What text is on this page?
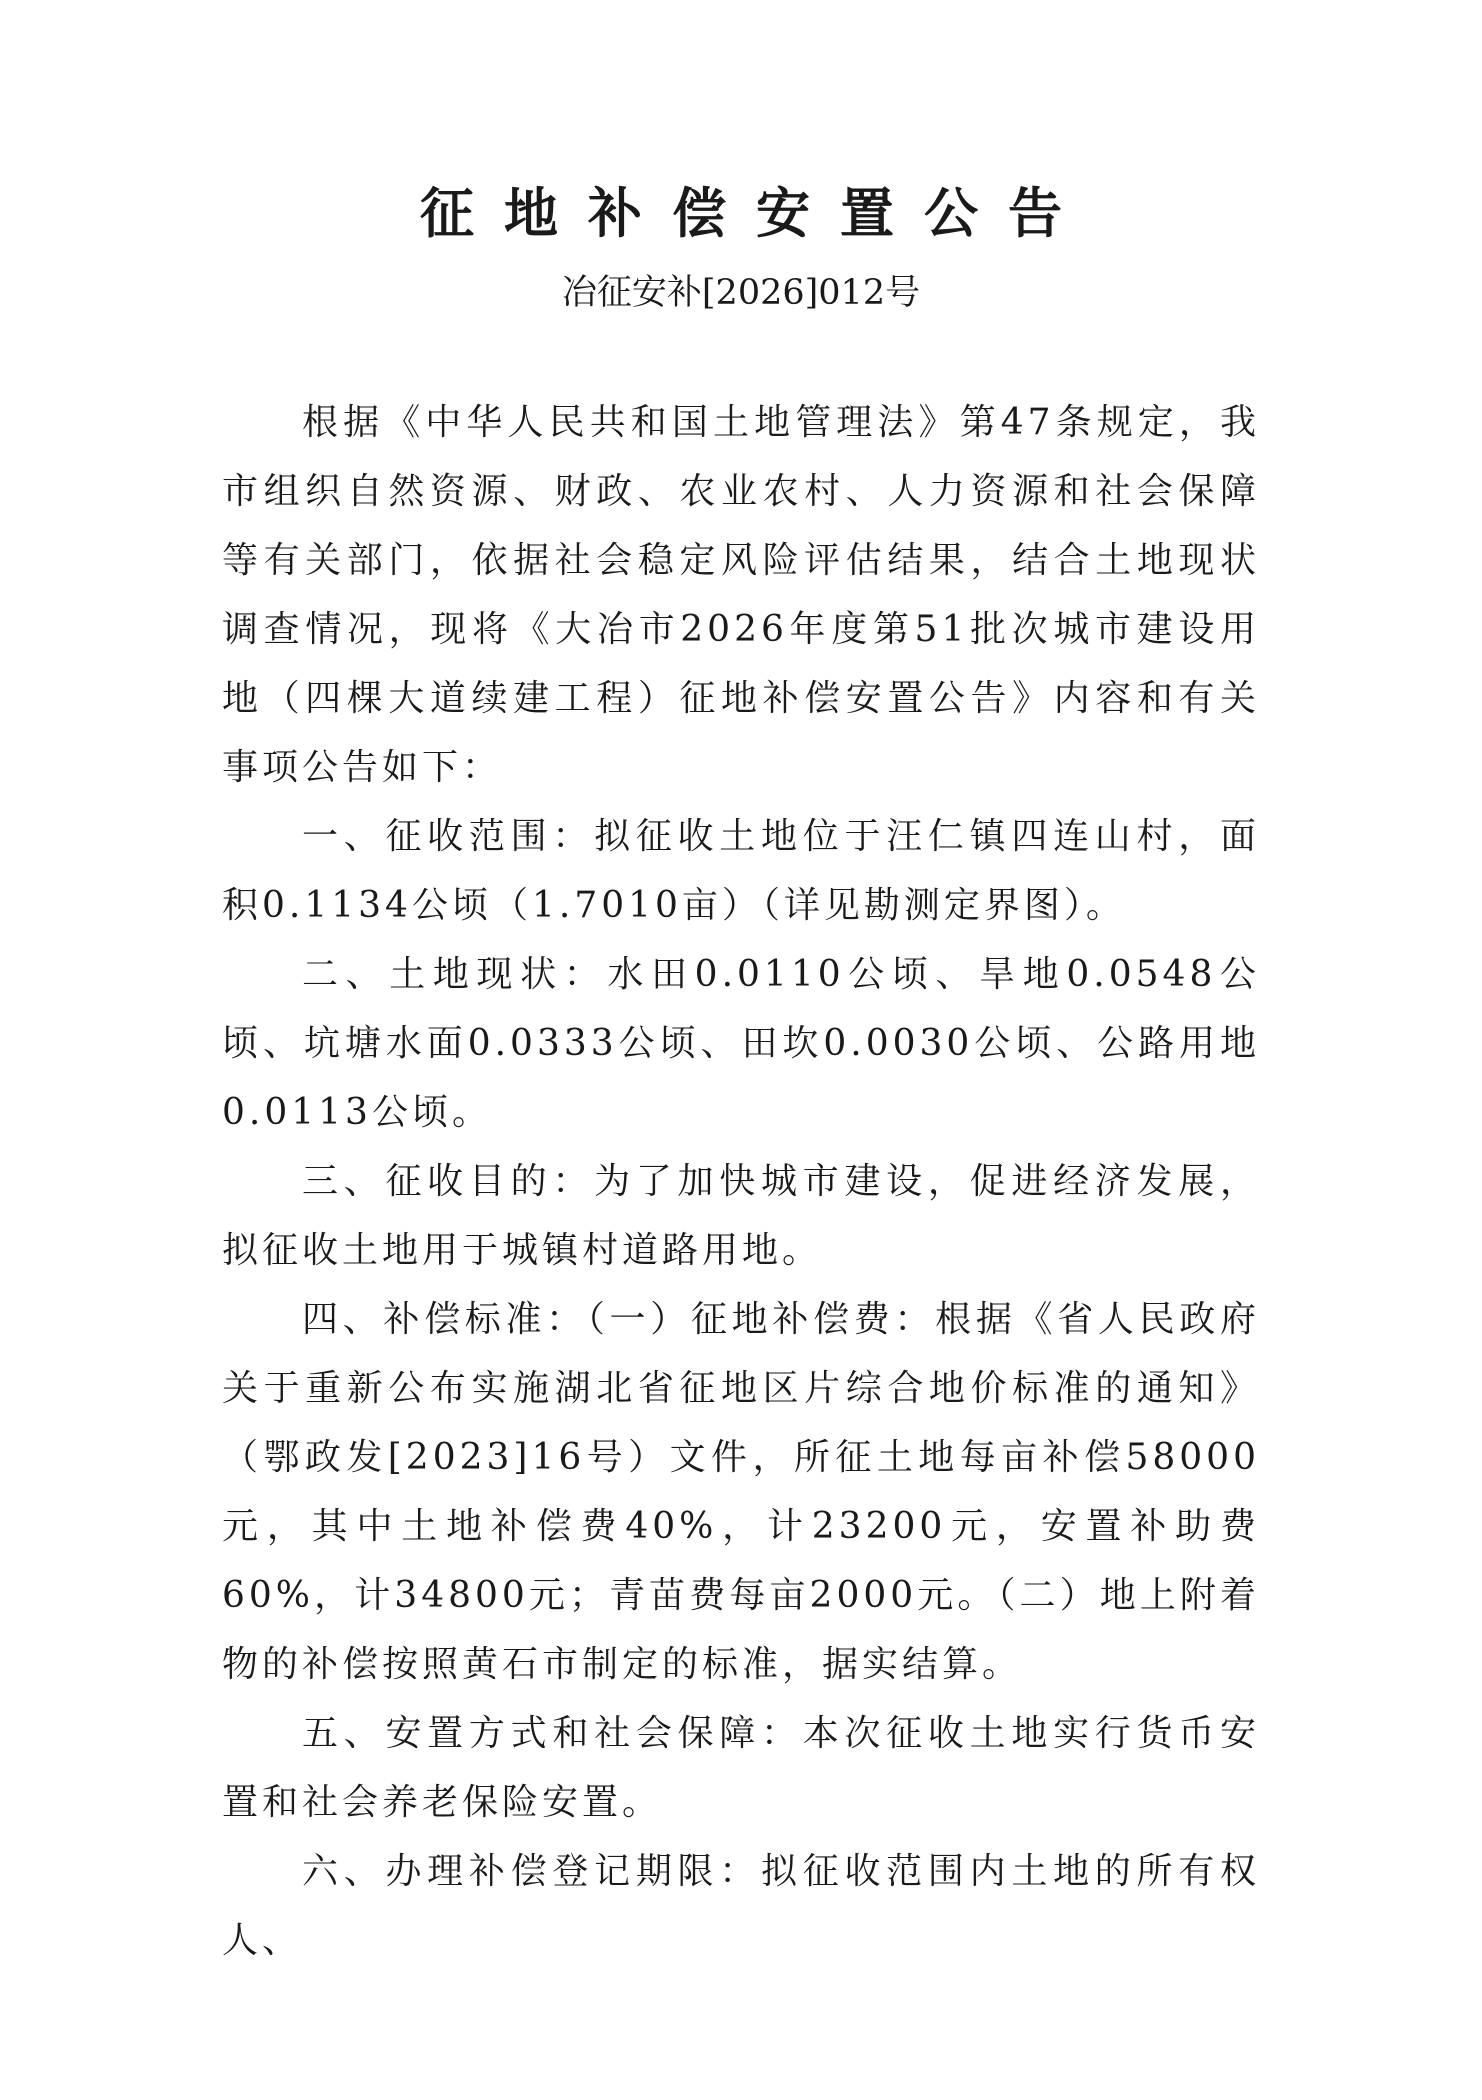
征地补偿安置公告
冶征安补[2026]012号

根据《中华人民共和国土地管理法》第47条规定，我市组织自然资源、财政、农业农村、人力资源和社会保障等有关部门，依据社会稳定风险评估结果，结合土地现状调查情况，现将《大冶市2026年度第51批次城市建设用地（四棵大道续建工程）征地补偿安置公告》内容和有关事项公告如下：

一、征收范围：拟征收土地位于汪仁镇四连山村，面积0.1134公顷（1.7010亩）（详见勘测定界图）。

二、土地现状：水田0.0110公顷、旱地0.0548公顷、坑塘水面0.0333公顷、田坎0.0030公顷、公路用地0.0113公顷。

三、征收目的：为了加快城市建设，促进经济发展，拟征收土地用于城镇村道路用地。

四、补偿标准：（一）征地补偿费：根据《省人民政府关于重新公布实施湖北省征地区片综合地价标准的通知》（鄂政发[2023]16号）文件，所征土地每亩补偿58000元，其中土地补偿费40%，计23200元，安置补助费60%，计34800元；青苗费每亩2000元。（二）地上附着物的补偿按照黄石市制定的标准，据实结算。

五、安置方式和社会保障：本次征收土地实行货币安置和社会养老保险安置。

六、办理补偿登记期限：拟征收范围内土地的所有权人、
